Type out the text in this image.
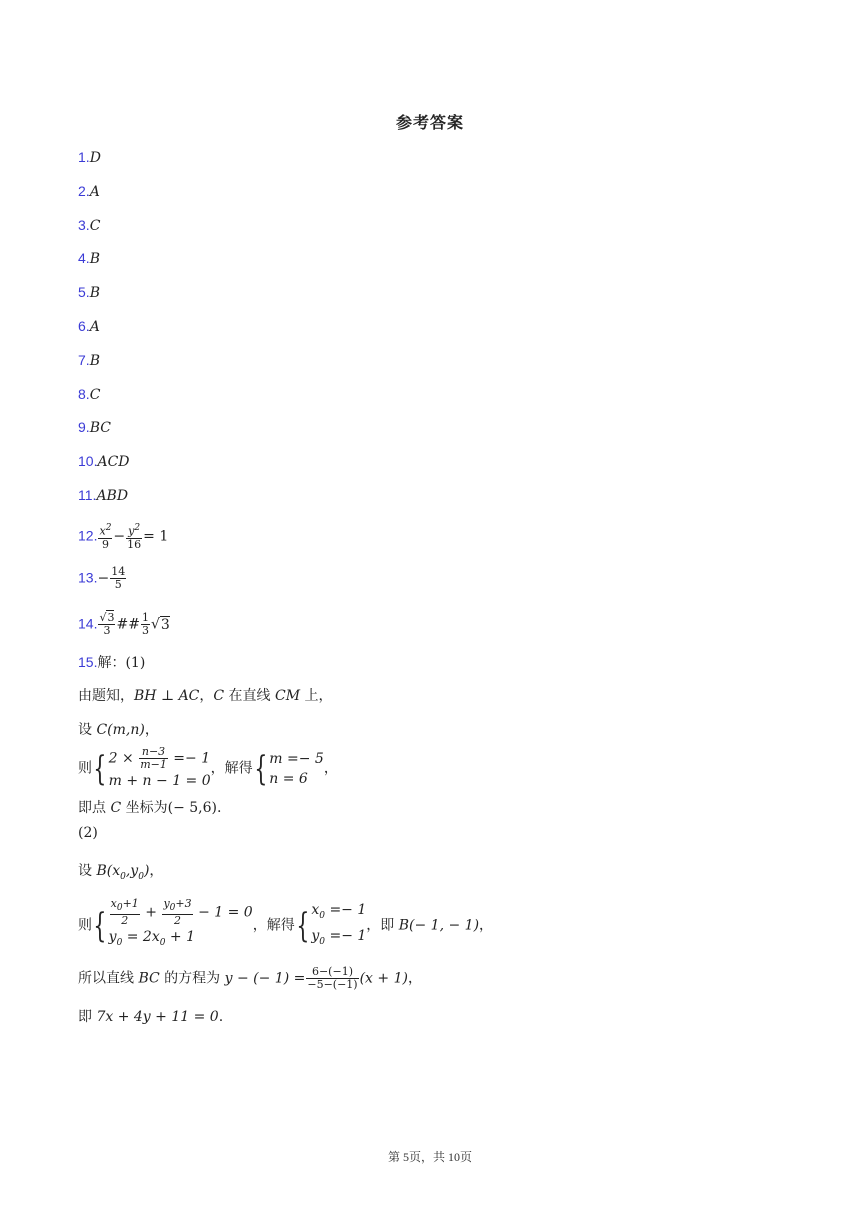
参考答案
1.D
2.A
3.C
4.B
5.B
6.A
7.B
8.C
9.BC
10.ACD
11.ABD
12. $\frac{x^2}{9} - \frac{y^2}{16} = 1$
$13.- \frac{14}{5}$
14. $\frac{√3}{3}$ ## $\frac{1}{3} √3$
15.解：(1)
由题知，BH ⊥ AC，C 在直线 CM 上，
设 C(m,n)，
则{ $2 \times \frac{n-3}{m-1} =- 1$
m + n − 1 = 0
，解得{ m =− 5
n = 6
，
即点 C 坐标为(− 5,6).
(2)
设 $B(x_0,y_0)$，
则{ $\frac{x_0+1}{2} + \frac{y_0+3}{2} - 1 = 0$
$y_0 = 2x_0 + 1$
，解得{ $x_0 =- 1$
$y_0 =- 1$
，即 B(− 1, − 1)，
所以直线 BC 的方程为 y − (− $1) = \frac{6-(-1)}{-5-(-1)} (x + 1)$，
即 7x + 4y + 11 = 0.
第 5页，共 10页
